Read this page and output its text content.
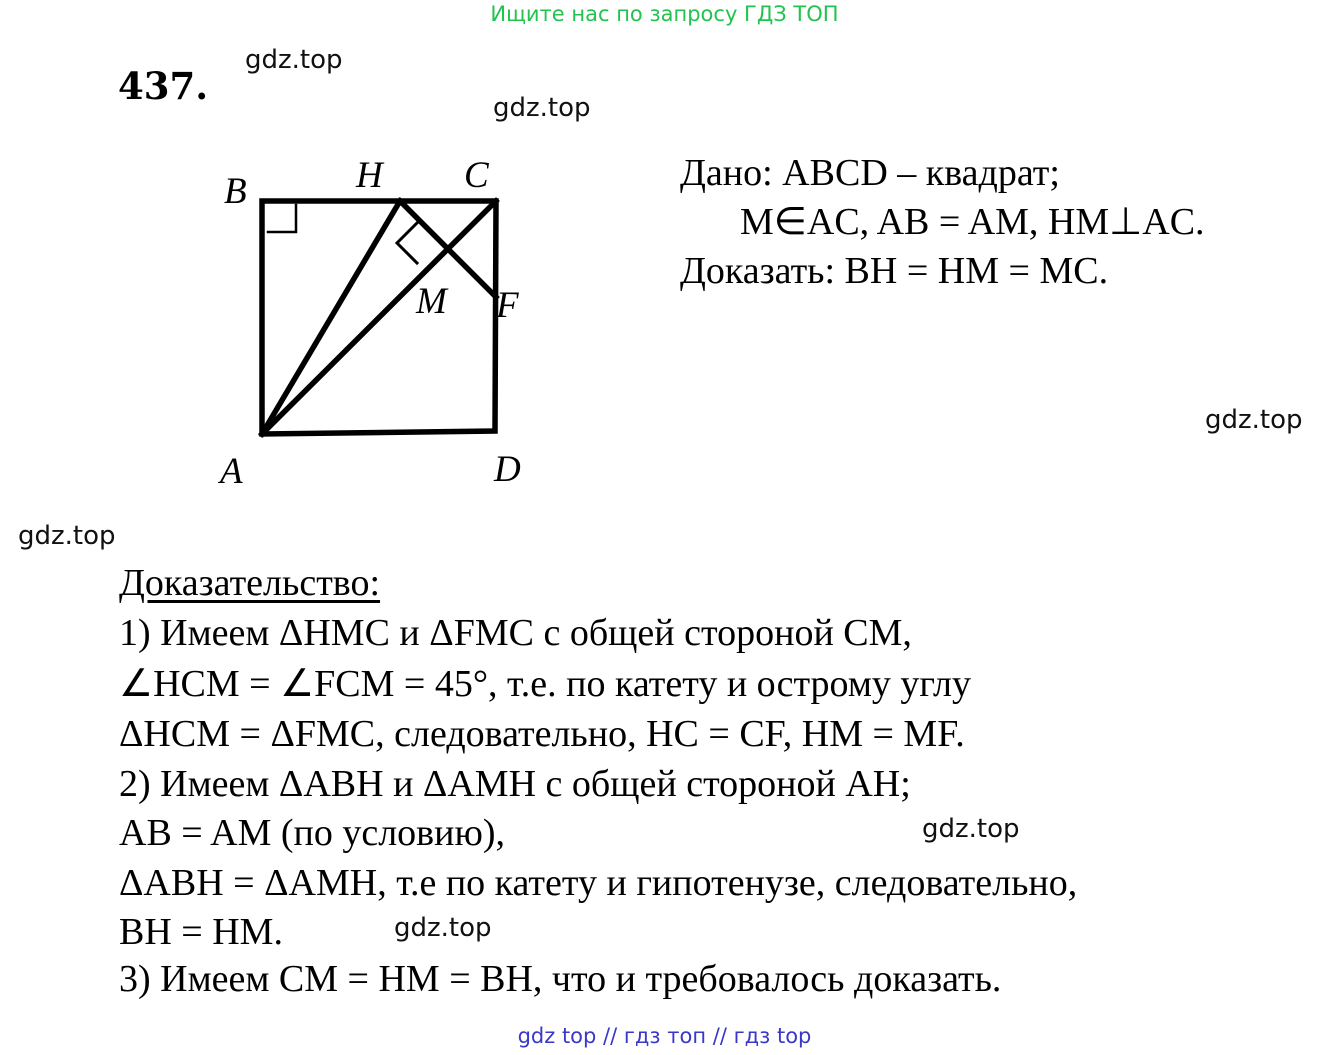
Ищите нас по запросу ГДЗ ТОП
gdz top // гдз топ // гдз top
gdz.top
gdz.top
gdz.top
gdz.top
gdz.top
gdz.top
437.
Дано: ABCD – квадрат;
M∈AC, AB = AM, HM⊥AC.
Доказать: BH = HM = MC.
B	H C
M F
A	D
Доказательство:
1) Имеем ΔHMC и ΔFMC с общей стороной CM,
∠HCM = ∠FCM = 45°, т.е. по катету и острому углу
ΔHCM = ΔFMC, следовательно, HC = CF, HM = MF.
2) Имеем ΔABH и ΔAMH с общей стороной AH;
AB = AM (по условию),
ΔABH = ΔAMH, т.е по катету и гипотенузе, следовательно,
BH = HM.
3) Имеем CM = HM = BH, что и требовалось доказать.
